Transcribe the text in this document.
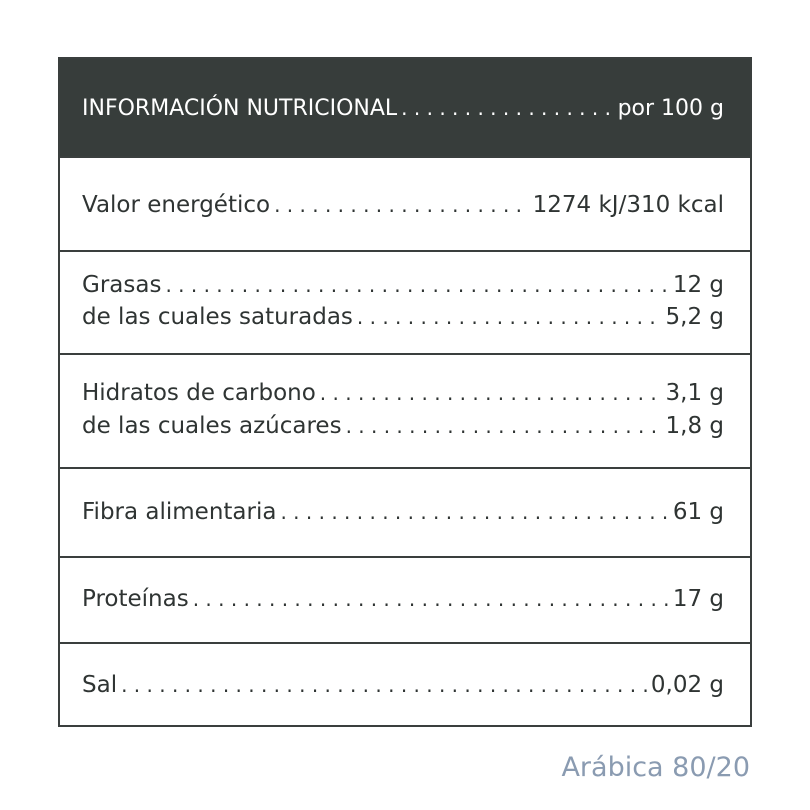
INFORMACIÓN NUTRICIONAL . . .	por 100 g
Valor energético . . .	1274 kJ/310 kcal
Grasas . . .	12 g
de las cuales saturadas . . .	5,2 g
Hidratos de carbono . . .	3,1 g
de las cuales azúcares . . .	1,8 g
Fibra alimentaria . . .	61 g
Proteínas . . .	17 g
Sal . . .	0,02 g
Arábica 80/20
